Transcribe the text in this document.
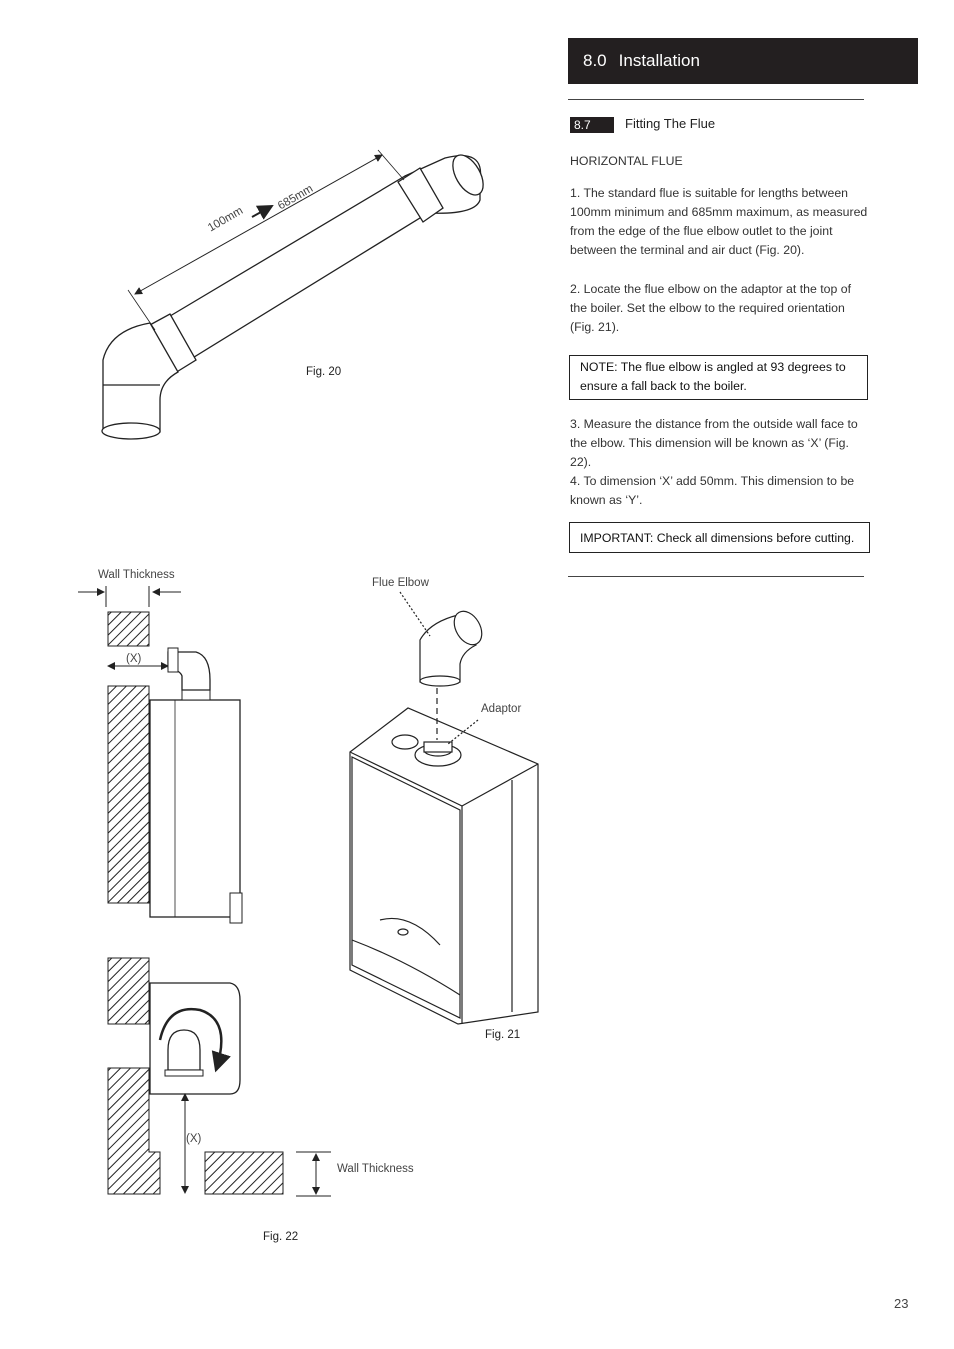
8.0 Installation
8.7	Fitting The Flue
HORIZONTAL FLUE
1. The standard flue is suitable for lengths between 100mm minimum and 685mm maximum, as measured from the edge of the flue elbow outlet to the joint between the terminal and air duct (Fig. 20).
2. Locate the flue elbow on the adaptor at the top of the boiler. Set the elbow to the required orientation (Fig. 21).
NOTE: The flue elbow is angled at 93 degrees to ensure a fall back to the boiler.
3. Measure the distance from the outside wall face to the elbow. This dimension will be known as ‘X’ (Fig. 22).
4. To dimension ‘X’ add 50mm. This dimension to be known as ‘Y’.
IMPORTANT: Check all dimensions before cutting.
100mm
685mm
Fig. 20
Flue Elbow
Adaptor
Fig. 21
Wall Thickness
(X)
(X)
Wall Thickness
Fig. 22
23
